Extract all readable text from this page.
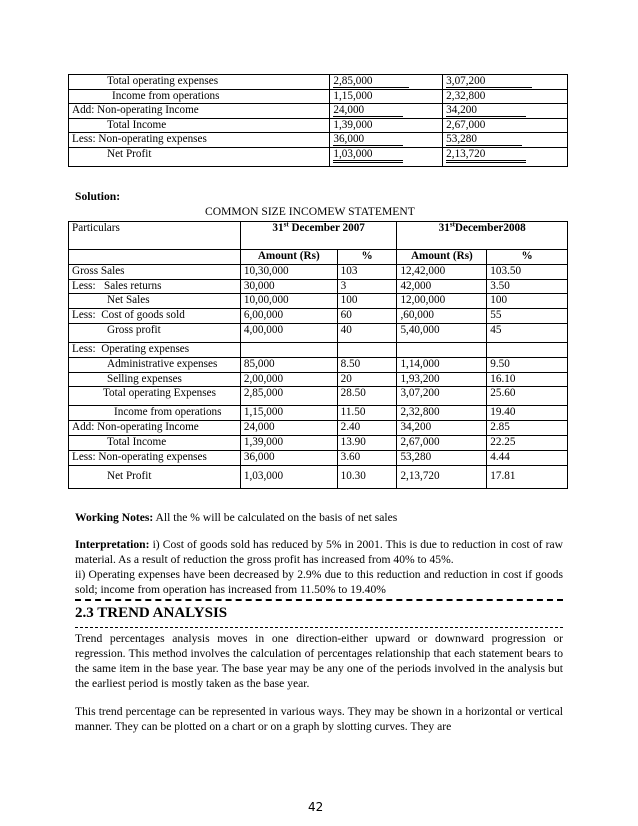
Total operating expenses	2,85,000	3,07,200
Income from operations	1,15,000	2,32,800
Add: Non-operating Income	24,000	34,200
Total Income	1,39,000	2,67,000
Less: Non-operating expenses	36,000	53,280
Net Profit	1,03,000	2,13,720
Solution:
COMMON SIZE INCOMEW STATEMENT
Particulars	31st December 2007		31stDecember2008	
	Amount (Rs)	%	Amount (Rs)	%
Gross Sales	10,30,000	103	12,42,000	103.50
Less:   Sales returns	30,000	3	42,000	3.50
Net Sales	10,00,000	100	12,00,000	100
Less:  Cost of goods sold	6,00,000	60	,60,000	55
Gross profit	4,00,000	40	5,40,000	45
Less:  Operating expenses				
Administrative expenses	85,000	8.50	1,14,000	9.50
Selling expenses	2,00,000	20	1,93,200	16.10
Total operating Expenses	2,85,000	28.50	3,07,200	25.60
Income from operations	1,15,000	11.50	2,32,800	19.40
Add: Non-operating Income	24,000	2.40	34,200	2.85
Total Income	1,39,000	13.90	2,67,000	22.25
Less: Non-operating expenses	36,000	3.60	53,280	4.44
Net Profit	1,03,000	10.30	2,13,720	17.81
Working Notes: All the % will be calculated on the basis of net sales
Interpretation: i) Cost of goods sold has reduced by 5% in 2001. This is due to reduction in cost of raw material. As a result of reduction the gross profit has increased from 40% to 45%.
ii) Operating expenses have been decreased by 2.9% due to this reduction and reduction in cost if goods sold; income from operation has increased from 11.50% to 19.40%
2.3 TREND ANALYSIS
Trend percentages analysis moves in one direction-either upward or downward progression or regression. This method involves the calculation of percentages relationship that each statement bears to the same item in the base year. The base year may be any one of the periods involved in the analysis but the earliest period is mostly taken as the base year.
This trend percentage can be represented in various ways. They may be shown in a horizontal or vertical manner. They can be plotted on a chart or on a graph by slotting curves. They are
42
